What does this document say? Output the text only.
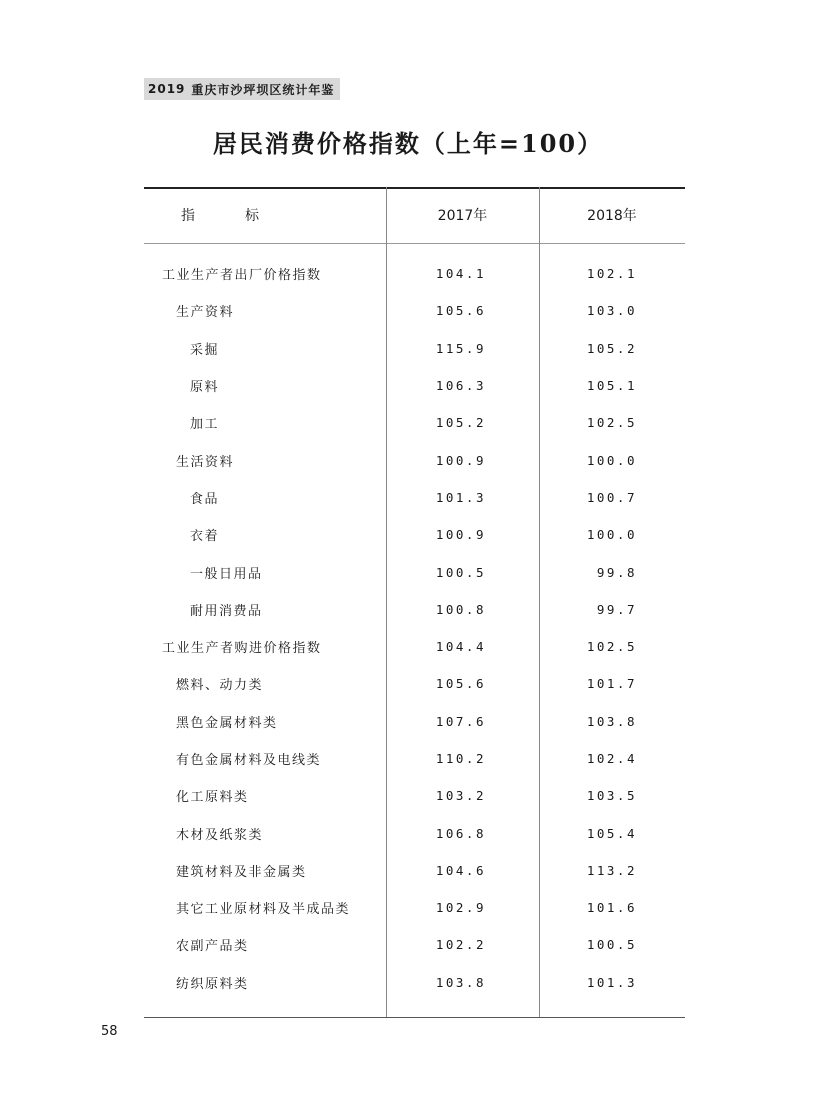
2019 重庆市沙坪坝区统计年鉴
居民消费价格指数（上年=100）
指　标	2017年	2018年
工业生产者出厂价格指数	104.1	102.1
生产资料	105.6	103.0
采掘	115.9	105.2
原料	106.3	105.1
加工	105.2	102.5
生活资料	100.9	100.0
食品	101.3	100.7
衣着	100.9	100.0
一般日用品	100.5	99.8
耐用消费品	100.8	99.7
工业生产者购进价格指数	104.4	102.5
燃料、动力类	105.6	101.7
黑色金属材料类	107.6	103.8
有色金属材料及电线类	110.2	102.4
化工原料类	103.2	103.5
木材及纸浆类	106.8	105.4
建筑材料及非金属类	104.6	113.2
其它工业原材料及半成品类	102.9	101.6
农副产品类	102.2	100.5
纺织原料类	103.8	101.3
58
